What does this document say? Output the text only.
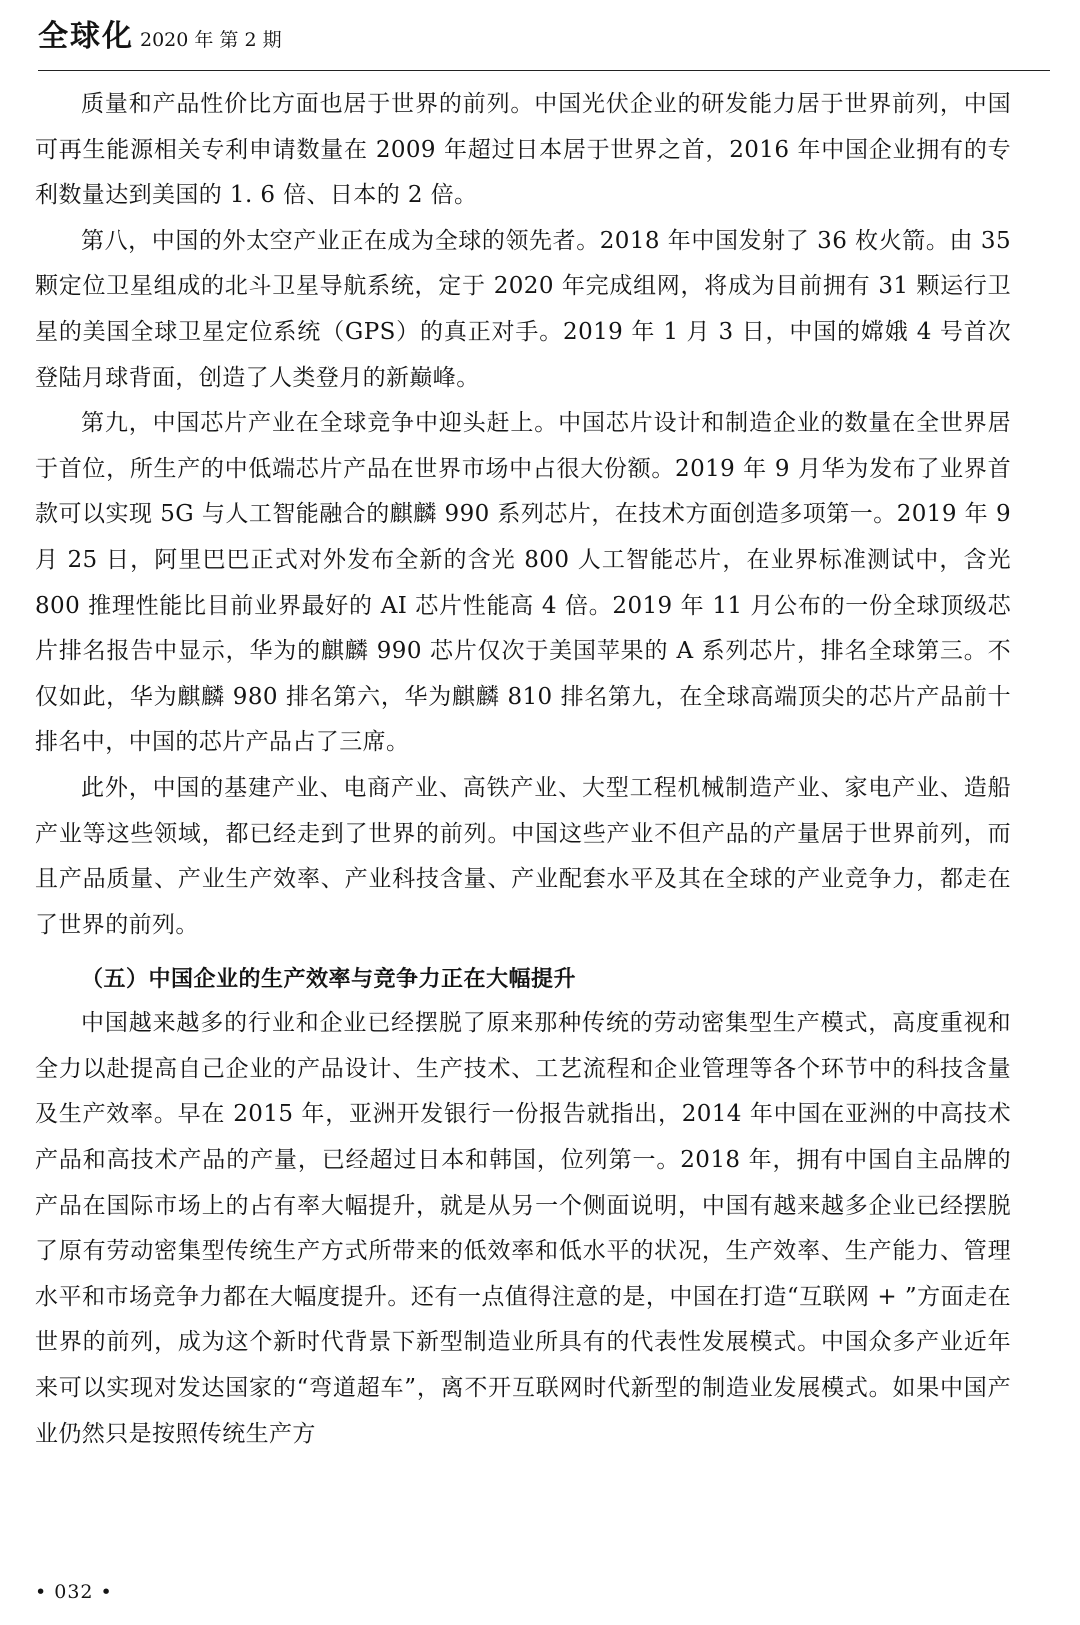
全球化 2020 年 第 2 期

质量和产品性价比方面也居于世界的前列。中国光伏企业的研发能力居于世界前列，中国可再生能源相关专利申请数量在 2009 年超过日本居于世界之首，2016 年中国企业拥有的专利数量达到美国的 1. 6 倍、日本的 2 倍。

第八，中国的外太空产业正在成为全球的领先者。2018 年中国发射了 36 枚火箭。由 35 颗定位卫星组成的北斗卫星导航系统，定于 2020 年完成组网，将成为目前拥有 31 颗运行卫星的美国全球卫星定位系统（GPS）的真正对手。2019 年 1 月 3 日，中国的嫦娥 4 号首次登陆月球背面，创造了人类登月的新巅峰。

第九，中国芯片产业在全球竞争中迎头赶上。中国芯片设计和制造企业的数量在全世界居于首位，所生产的中低端芯片产品在世界市场中占很大份额。2019 年 9 月华为发布了业界首款可以实现 5G 与人工智能融合的麒麟 990 系列芯片，在技术方面创造多项第一。2019 年 9 月 25 日，阿里巴巴正式对外发布全新的含光 800 人工智能芯片，在业界标准测试中，含光 800 推理性能比目前业界最好的 AI 芯片性能高 4 倍。2019 年 11 月公布的一份全球顶级芯片排名报告中显示，华为的麒麟 990 芯片仅次于美国苹果的 A 系列芯片，排名全球第三。不仅如此，华为麒麟 980 排名第六，华为麒麟 810 排名第九，在全球高端顶尖的芯片产品前十排名中，中国的芯片产品占了三席。

此外，中国的基建产业、电商产业、高铁产业、大型工程机械制造产业、家电产业、造船产业等这些领域，都已经走到了世界的前列。中国这些产业不但产品的产量居于世界前列，而且产品质量、产业生产效率、产业科技含量、产业配套水平及其在全球的产业竞争力，都走在了世界的前列。

（五）中国企业的生产效率与竞争力正在大幅提升

中国越来越多的行业和企业已经摆脱了原来那种传统的劳动密集型生产模式，高度重视和全力以赴提高自己企业的产品设计、生产技术、工艺流程和企业管理等各个环节中的科技含量及生产效率。早在 2015 年，亚洲开发银行一份报告就指出，2014 年中国在亚洲的中高技术产品和高技术产品的产量，已经超过日本和韩国，位列第一。2018 年，拥有中国自主品牌的产品在国际市场上的占有率大幅提升，就是从另一个侧面说明，中国有越来越多企业已经摆脱了原有劳动密集型传统生产方式所带来的低效率和低水平的状况，生产效率、生产能力、管理水平和市场竞争力都在大幅度提升。还有一点值得注意的是，中国在打造“互联网 + ”方面走在世界的前列，成为这个新时代背景下新型制造业所具有的代表性发展模式。中国众多产业近年来可以实现对发达国家的“弯道超车”，离不开互联网时代新型的制造业发展模式。如果中国产业仍然只是按照传统生产方

• 032 •
